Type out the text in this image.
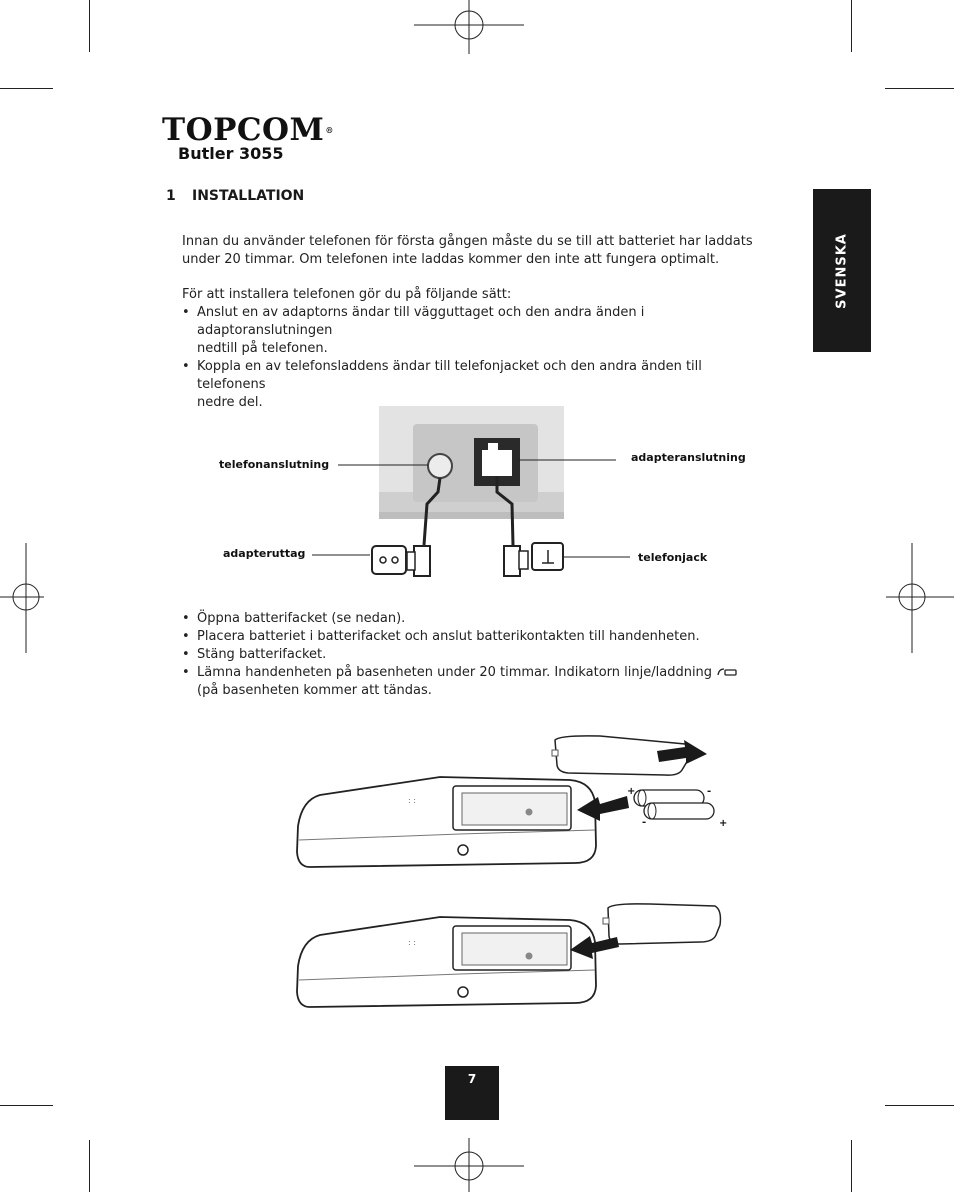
TOPCOM®
Butler 3055
SVENSKA
1 INSTALLATION
Innan du använder telefonen för första gången måste du se till att batteriet har laddats
under 20 timmar. Om telefonen inte laddas kommer den inte att fungera optimalt.
För att installera telefonen gör du på följande sätt:
• Anslut en av adaptorns ändar till vägguttaget och den andra änden i adaptoranslutningen
nedtill på telefonen.
• Koppla en av telefonsladdens ändar till telefonjacket och den andra änden till telefonens
nedre del.
telefonanslutning
adapteranslutning
adapteruttag	telefonjack
• Öppna batterifacket (se nedan).
• Placera batteriet i batterifacket och anslut batterikontakten till handenheten.
• Stäng batterifacket.
• Lämna handenheten på basenheten under 20 timmar. Indikatorn linje/laddning
(på basenheten kommer att tändas.
: :
+	-
-	+
: :
7
